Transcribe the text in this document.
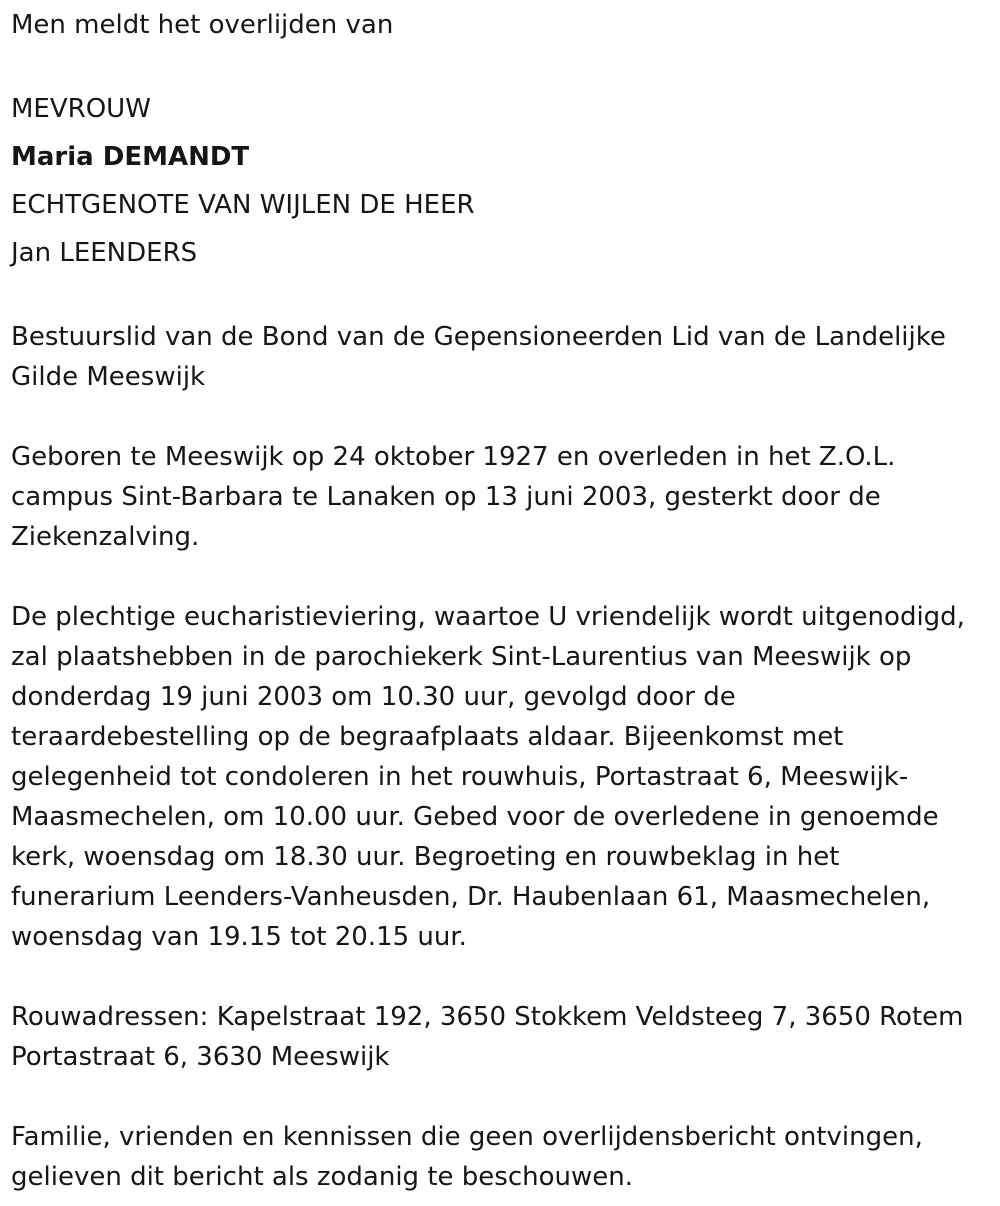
Men meldt het overlijden van

MEVROUW
Maria DEMANDT
ECHTGENOTE VAN WIJLEN DE HEER
Jan LEENDERS

Bestuurslid van de Bond van de Gepensioneerden Lid van de Landelijke
Gilde Meeswijk

Geboren te Meeswijk op 24 oktober 1927 en overleden in het Z.O.L.
campus Sint-Barbara te Lanaken op 13 juni 2003, gesterkt door de
Ziekenzalving.

De plechtige eucharistieviering, waartoe U vriendelijk wordt uitgenodigd,
zal plaatshebben in de parochiekerk Sint-Laurentius van Meeswijk op
donderdag 19 juni 2003 om 10.30 uur, gevolgd door de
teraardebestelling op de begraafplaats aldaar. Bijeenkomst met
gelegenheid tot condoleren in het rouwhuis, Portastraat 6, Meeswijk-
Maasmechelen, om 10.00 uur. Gebed voor de overledene in genoemde
kerk, woensdag om 18.30 uur. Begroeting en rouwbeklag in het
funerarium Leenders-Vanheusden, Dr. Haubenlaan 61, Maasmechelen,
woensdag van 19.15 tot 20.15 uur.

Rouwadressen: Kapelstraat 192, 3650 Stokkem Veldsteeg 7, 3650 Rotem
Portastraat 6, 3630 Meeswijk

Familie, vrienden en kennissen die geen overlijdensbericht ontvingen,
gelieven dit bericht als zodanig te beschouwen.
